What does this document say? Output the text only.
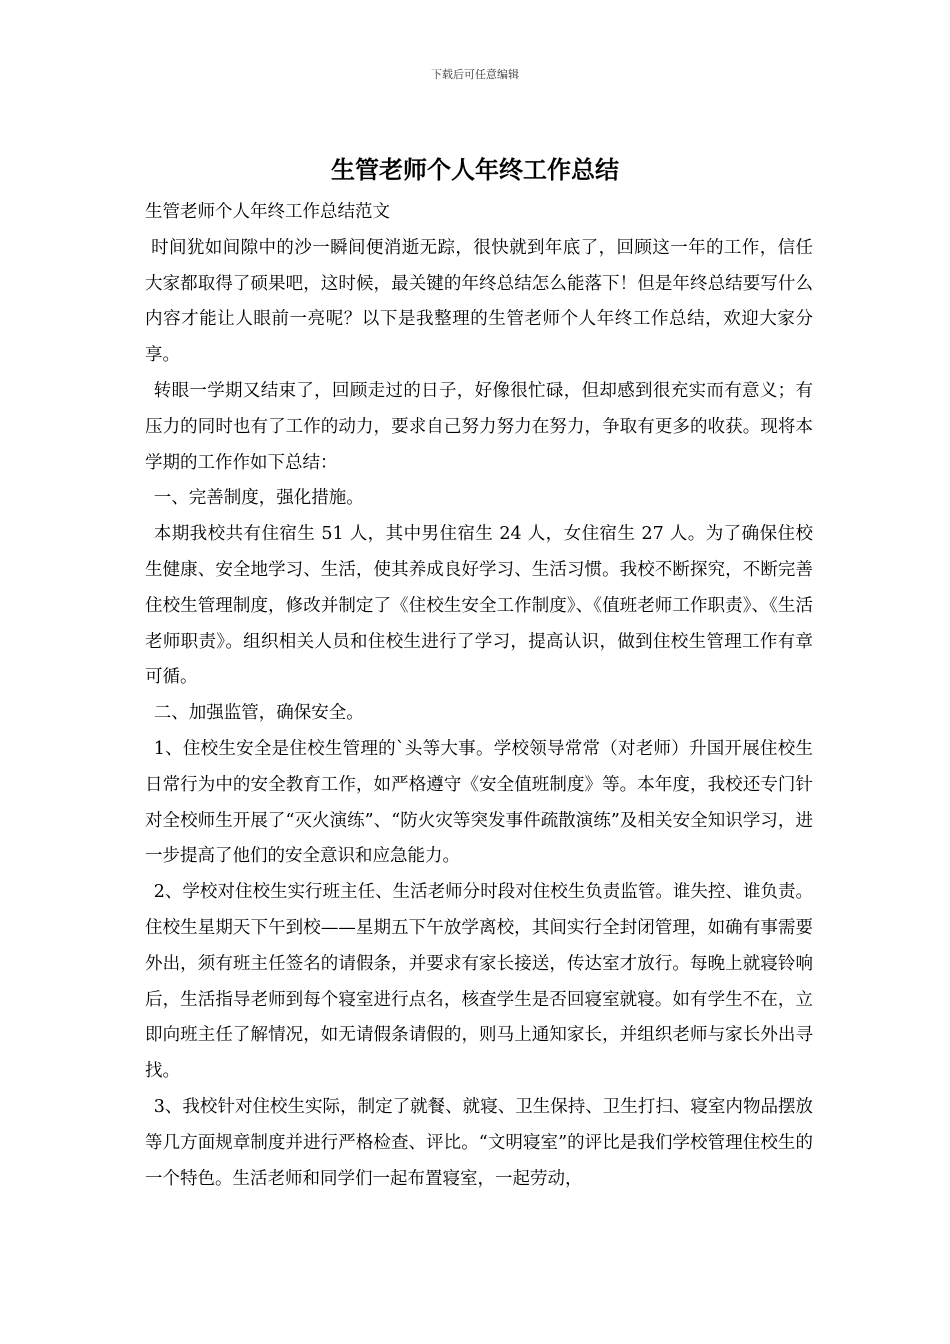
下载后可任意编辑
生管老师个人年终工作总结

生管老师个人年终工作总结范文

时间犹如间隙中的沙一瞬间便消逝无踪，很快就到年底了，回顾这一年的工作，信任大家都取得了硕果吧，这时候，最关键的年终总结怎么能落下！但是年终总结要写什么内容才能让人眼前一亮呢？以下是我整理的生管老师个人年终工作总结，欢迎大家分享。

转眼一学期又结束了，回顾走过的日子，好像很忙碌，但却感到很充实而有意义；有压力的同时也有了工作的动力，要求自己努力努力在努力，争取有更多的收获。现将本学期的工作作如下总结：

一、完善制度，强化措施。

本期我校共有住宿生 51 人，其中男住宿生 24 人，女住宿生 27 人。为了确保住校生健康、安全地学习、生活，使其养成良好学习、生活习惯。我校不断探究，不断完善住校生管理制度，修改并制定了《住校生安全工作制度》、《值班老师工作职责》、《生活老师职责》。组织相关人员和住校生进行了学习，提高认识，做到住校生管理工作有章可循。

二、加强监管，确保安全。

1、住校生安全是住校生管理的`头等大事。学校领导常常（对老师）升国开展住校生日常行为中的安全教育工作，如严格遵守《安全值班制度》等。本年度，我校还专门针对全校师生开展了“灭火演练”、“防火灾等突发事件疏散演练”及相关安全知识学习，进一步提高了他们的安全意识和应急能力。

2、学校对住校生实行班主任、生活老师分时段对住校生负责监管。谁失控、谁负责。住校生星期天下午到校——星期五下午放学离校，其间实行全封闭管理，如确有事需要外出，须有班主任签名的请假条，并要求有家长接送，传达室才放行。每晚上就寝铃响后，生活指导老师到每个寝室进行点名，核查学生是否回寝室就寝。如有学生不在，立即向班主任了解情况，如无请假条请假的，则马上通知家长，并组织老师与家长外出寻找。

3、我校针对住校生实际，制定了就餐、就寝、卫生保持、卫生打扫、寝室内物品摆放等几方面规章制度并进行严格检查、评比。“文明寝室”的评比是我们学校管理住校生的一个特色。生活老师和同学们一起布置寝室，一起劳动，
